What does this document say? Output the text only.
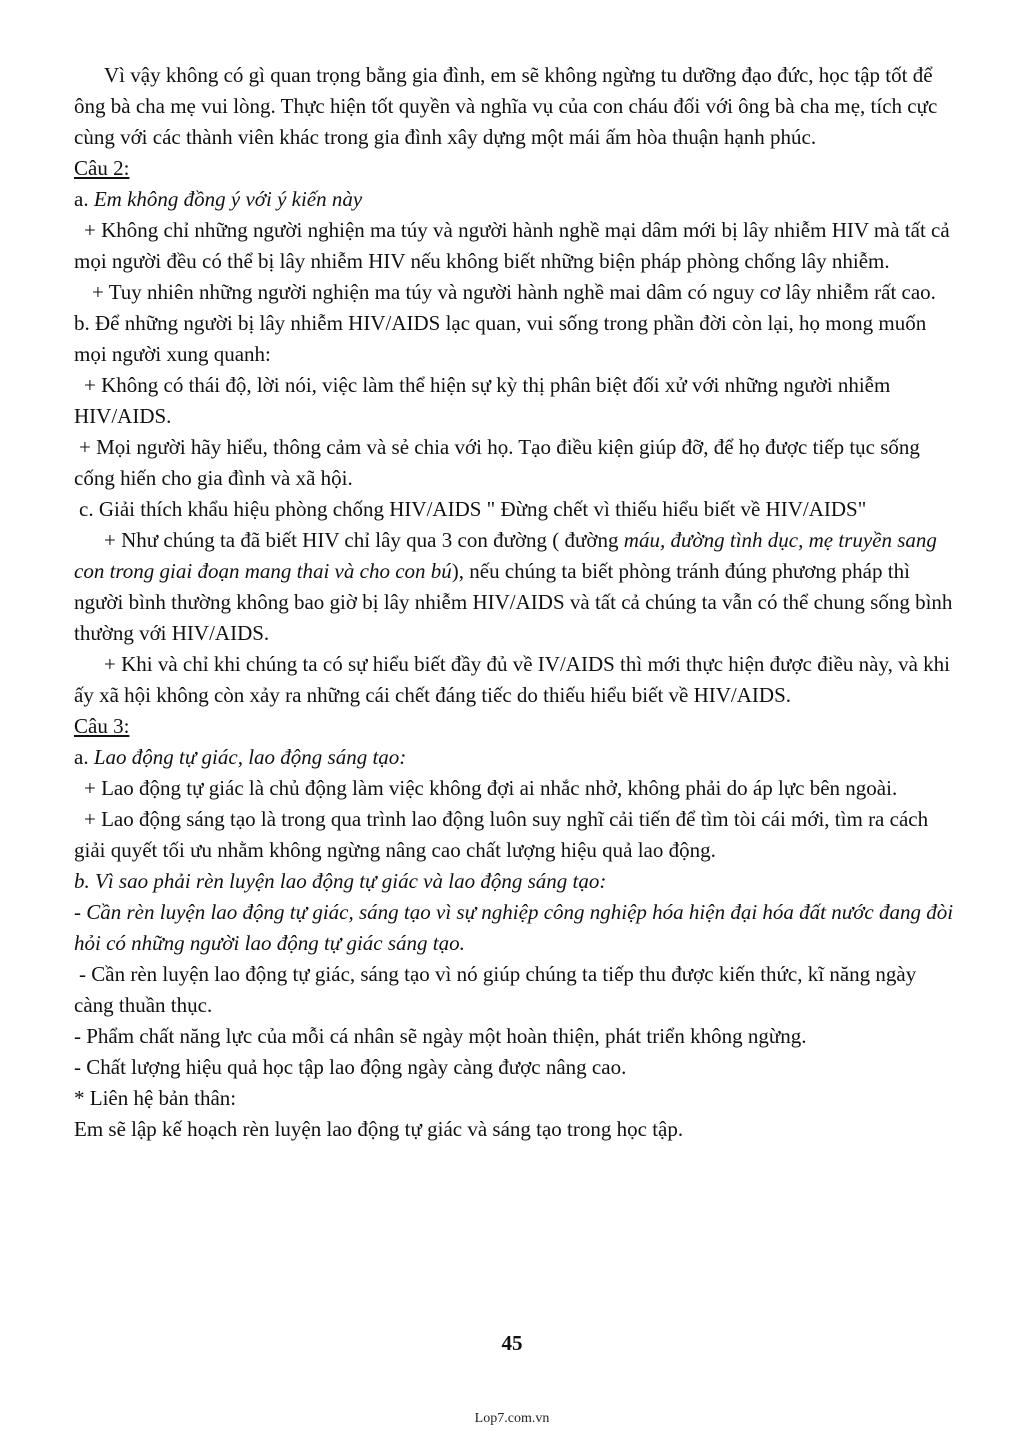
Vì vậy không có gì quan trọng bằng gia đình, em sẽ không ngừng tu dưỡng đạo đức, học tập tốt để ông bà cha mẹ vui lòng. Thực hiện tốt quyền và nghĩa vụ của con cháu đối với ông bà cha mẹ, tích cực cùng với các thành viên khác trong gia đình xây dựng một mái ấm hòa thuận hạnh phúc.

Câu 2:

a. Em không đồng ý với ý kiến này

+ Không chỉ những người nghiện ma túy và người hành nghề mại dâm mới bị lây nhiễm HIV mà tất cả mọi người đều có thể bị lây nhiễm HIV nếu không biết những biện pháp phòng chống lây nhiễm.

+ Tuy nhiên những người nghiện ma túy và người hành nghề mai dâm có nguy cơ lây nhiễm rất cao.

b. Để những người bị lây nhiễm HIV/AIDS lạc quan, vui sống trong phần đời còn lại, họ mong muốn mọi người xung quanh:

+ Không có thái độ, lời nói, việc làm thể hiện sự kỳ thị phân biệt đối xử với những người nhiễm HIV/AIDS.

+ Mọi người hãy hiểu, thông cảm và sẻ chia với họ. Tạo điều kiện giúp đỡ, để họ được tiếp tục sống cống hiến cho gia đình và xã hội.

c. Giải thích khẩu hiệu phòng chống HIV/AIDS " Đừng chết vì thiếu hiểu biết về HIV/AIDS"

+ Như chúng ta đã biết HIV chỉ lây qua 3 con đường ( đường máu, đường tình dục, mẹ truyền sang con trong giai đoạn mang thai và cho con bú), nếu chúng ta biết phòng tránh đúng phương pháp thì người bình thường không bao giờ bị lây nhiễm HIV/AIDS và tất cả chúng ta vẫn có thể chung sống bình thường với HIV/AIDS.

+ Khi và chỉ khi chúng ta có sự hiểu biết đầy đủ về IV/AIDS thì mới thực hiện được điều này, và khi ấy xã hội không còn xảy ra những cái chết đáng tiếc do thiếu hiểu biết về HIV/AIDS.

Câu 3:

a. Lao động tự giác, lao động sáng tạo:

+ Lao động tự giác là chủ động làm việc không đợi ai nhắc nhở, không phải do áp lực bên ngoài.

+ Lao động sáng tạo là trong qua trình lao động luôn suy nghĩ cải tiến để tìm tòi cái mới, tìm ra cách giải quyết tối ưu nhằm không ngừng nâng cao chất lượng hiệu quả lao động.

b. Vì sao phải rèn luyện lao động tự giác và lao động sáng tạo:

- Cần rèn luyện lao động tự giác, sáng tạo vì sự nghiệp công nghiệp hóa hiện đại hóa đất nước đang đòi hỏi có những người lao động tự giác sáng tạo.

- Cần rèn luyện lao động tự giác, sáng tạo vì nó giúp chúng ta tiếp thu được kiến thức, kĩ năng ngày càng thuần thục.

- Phẩm chất năng lực của mỗi cá nhân sẽ ngày một hoàn thiện, phát triển không ngừng.

- Chất lượng hiệu quả học tập lao động ngày càng được nâng cao.

* Liên hệ bản thân:

Em sẽ lập kế hoạch rèn luyện lao động tự giác và sáng tạo trong học tập.

45
Lop7.com.vn
